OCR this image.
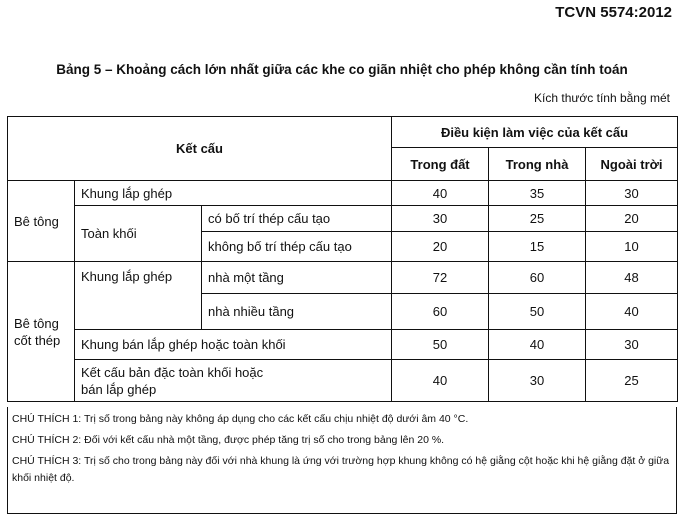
TCVN 5574:2012
Bảng 5 – Khoảng cách lớn nhất giữa các khe co giãn nhiệt cho phép không cần tính toán
Kích thước tính bằng mét
Kết cấu			Điều kiện làm việc của kết cấu		
			Trong đất	Trong nhà	Ngoài trời
Bê tông	Khung lắp ghép		40	35	30
	Toàn khối	có bố trí thép cấu tạo	30	25	20
		không bố trí thép cấu tạo	20	15	10
Bê tông cốt thép	Khung lắp ghép	nhà một tầng	72	60	48
		nhà nhiều tầng	60	50	40
	Khung bán lắp ghép hoặc toàn khối		50	40	30

	Kết cấu bản đặc toàn khối hoặc bán lắp ghép		40	30	25
CHÚ THÍCH 1: Trị số trong bảng này không áp dụng cho các kết cấu chịu nhiệt độ dưới âm 40 °C.
CHÚ THÍCH 2: Đối với kết cấu nhà một tầng, được phép tăng trị số cho trong bảng lên 20 %.
CHÚ THÍCH 3: Trị số cho trong bảng này đối với nhà khung là ứng với trường hợp khung không có hệ giằng cột hoặc khi hệ giằng đặt ở giữa khối nhiệt độ.
